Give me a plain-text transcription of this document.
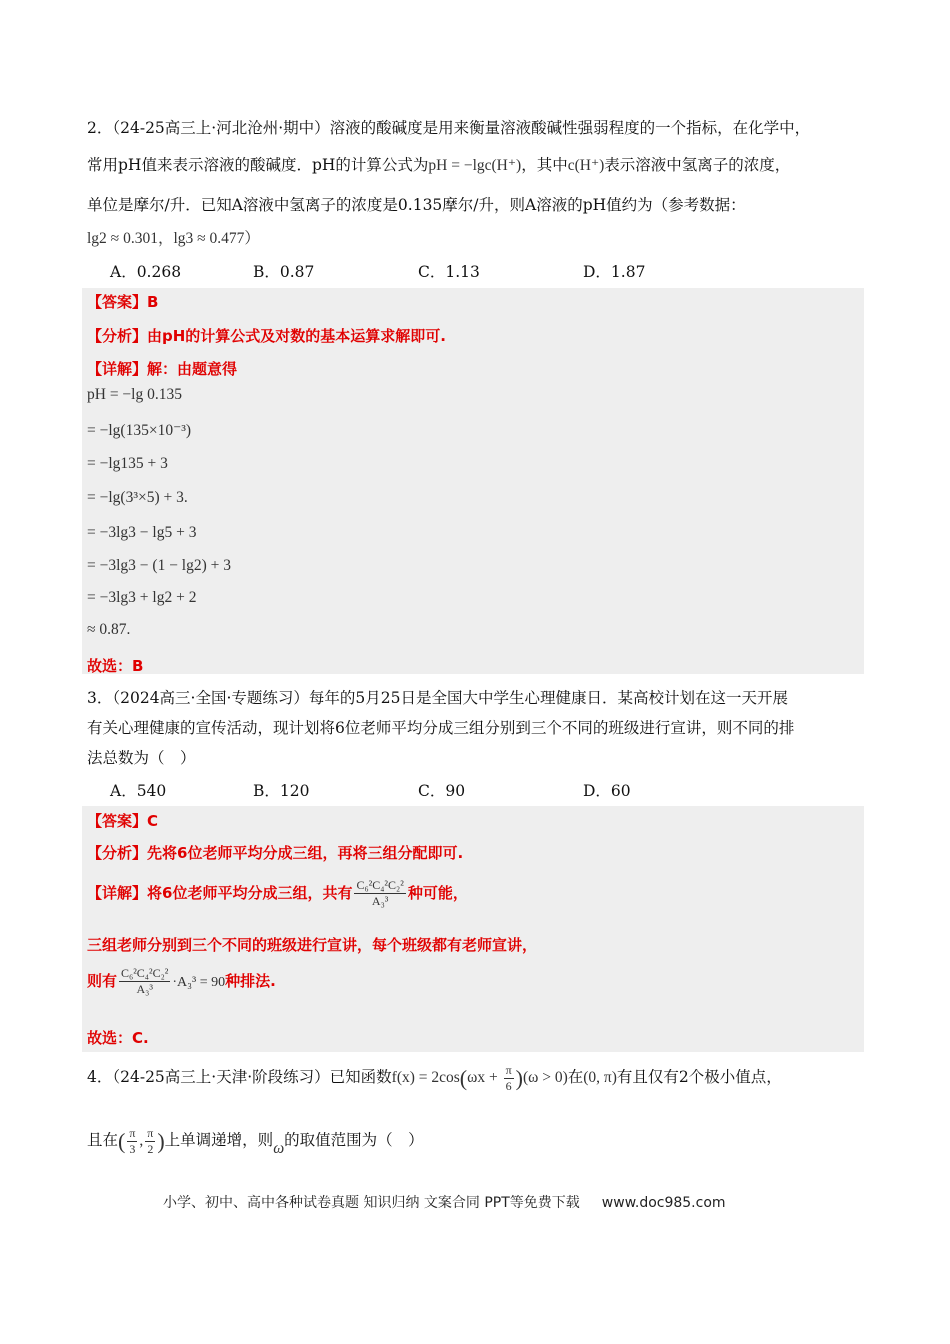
2．（24-25高三上·河北沧州·期中）溶液的酸碱度是用来衡量溶液酸碱性强弱程度的一个指标，在化学中，
常用pH值来表示溶液的酸碱度．pH的计算公式为pH = −lgc(H⁺)，其中c(H⁺)表示溶液中氢离子的浓度，
单位是摩尔/升．已知A溶液中氢离子的浓度是0.135摩尔/升，则A溶液的pH值约为（参考数据：
lg2 ≈ 0.301，lg3 ≈ 0.477）
A．0.268	B．0.87	C．1.13	D．1.87
【答案】B
【分析】由pH的计算公式及对数的基本运算求解即可.
【详解】解：由题意得
pH = −lg 0.135
= −lg(135×10⁻³)
= −lg135 + 3
= −lg(3³×5) + 3.
= −3lg3 − lg5 + 3
= −3lg3 − (1 − lg2) + 3
= −3lg3 + lg2 + 2
≈ 0.87.
故选：B
3．（2024高三·全国·专题练习）每年的5月25日是全国大中学生心理健康日．某高校计划在这一天开展
有关心理健康的宣传活动，现计划将6位老师平均分成三组分别到三个不同的班级进行宣讲，则不同的排
法总数为（　）
A．540	B．120	C．90	D．60
【答案】C
【分析】先将6位老师平均分成三组，再将三组分配即可.
【详解】将6位老师平均分成三组，共有 $\frac{\text{C₆²C₄²C₂²}}{\text{A₃³}}$ 种可能，
三组老师分别到三个不同的班级进行宣讲，每个班级都有老师宣讲，
则有 $\frac{\text{C₆²C₄²C₂²}}{\text{A₃³}} \cdot A_3^3 = 90$种排法.
故选：C.
4．（24-25高三上·天津·阶段练习）已知函数$f(x) = 2\cos(\omega x + \frac{\pi}{6} )(\omega > 0)$在(0, π)有且仅有2个极小值点，
且在( $\frac{\pi}{3}$ , $\frac{\pi}{2}$ )上单调递增，则ω的取值范围为（　）
小学、初中、高中各种试卷真题 知识归纳 文案合同 PPT等免费下载 www.doc985.com
